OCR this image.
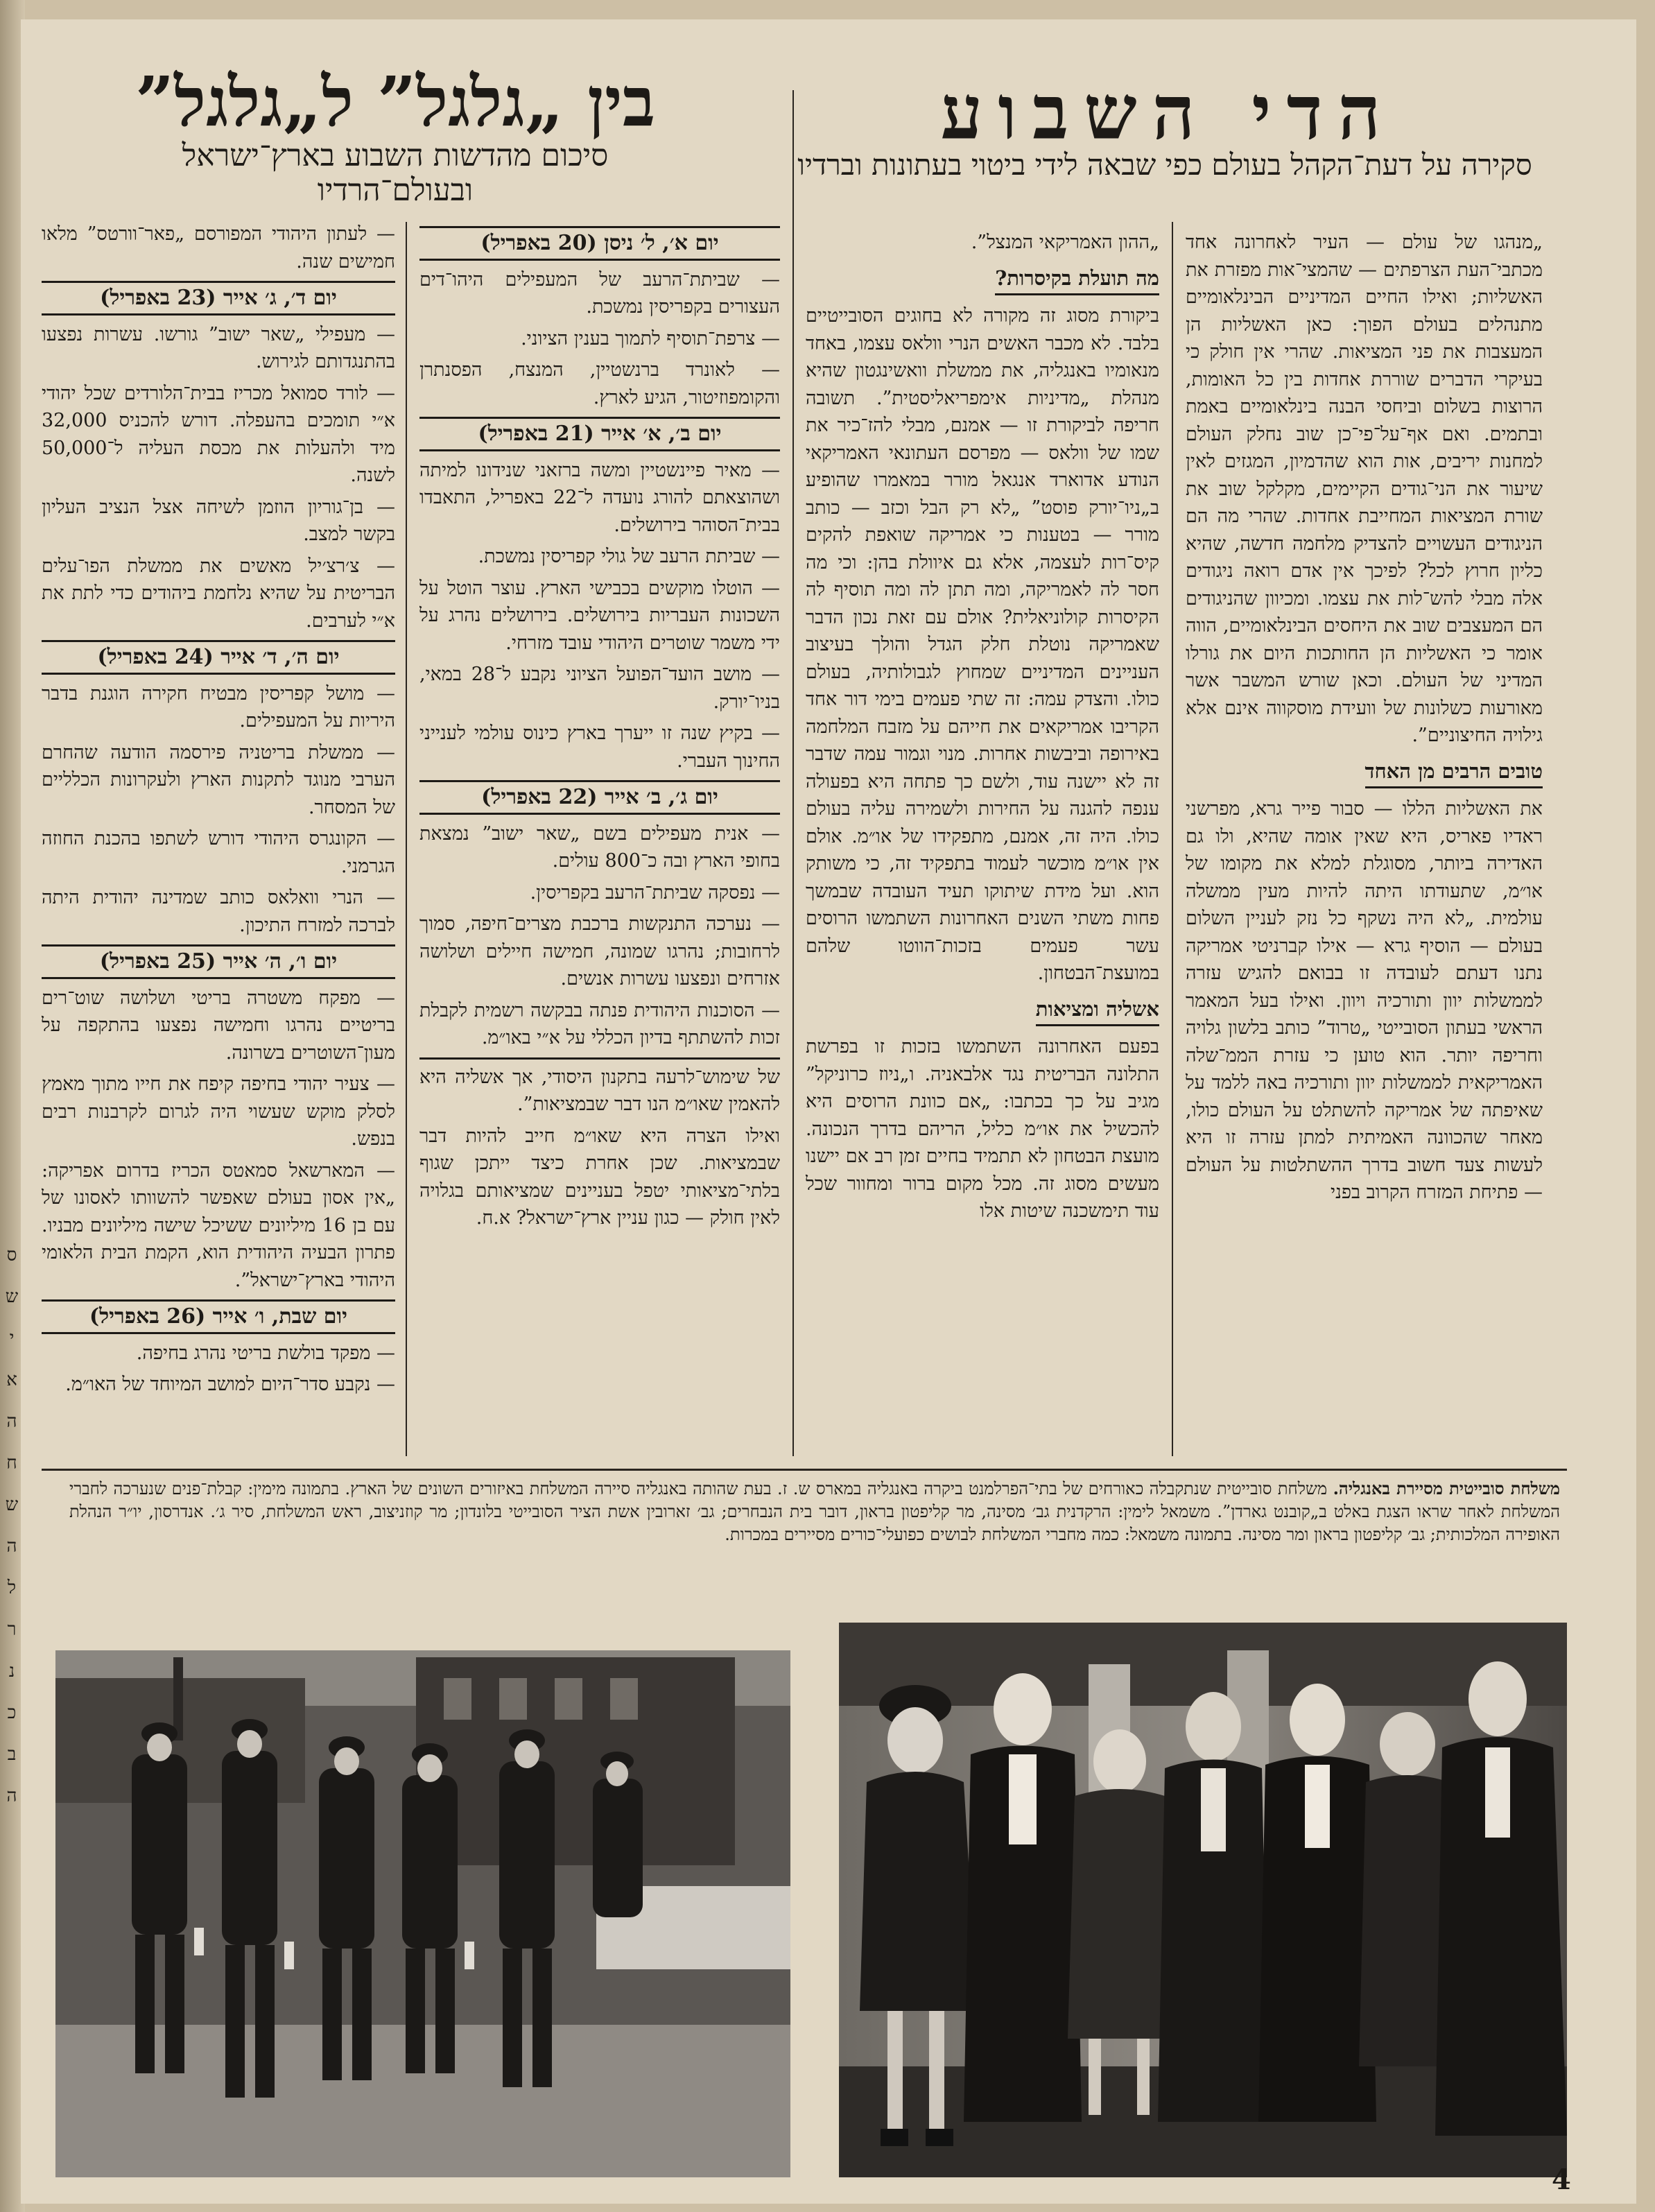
הדי השבוע
סקירה על דעת־הקהל בעולם כפי שבאה לידי ביטוי בעתונות וברדיו
בין „גלגל” ל„גלגל”
סיכום מהדשות השבוע בארץ־ישראל
ובעולם־הרדיו

„מנהגו של עולם — העיר לאחרונה אחד מכתבי־העת הצרפתים — שהמצי־אות מפזרת את האשליות; ואילו החיים המדיניים הבינלאומיים מתנהלים בעולם הפוך: כאן האשליות הן המעצבות את פני המציאות. שהרי אין חולק כי בעיקרי הדברים שוררת אחדות בין כל האומות, הרוצות בשלום וביחסי הבנה בינלאומיים באמת ובתמים. ואם אף־על־פי־כן שוב נחלק העולם למחנות יריבים, אות הוא שהדמיון, המגזים לאין שיעור את הני־גודים הקיימים, מקלקל שוב את שורת המציאות המחייבת אחדות. שהרי מה הם הניגודים העשויים להצדיק מלחמה חדשה, שהיא כליון חרוץ לכל? לפיכך אין אדם רואה ניגודים אלה מבלי להש־לות את עצמו. ומכיוון שהניגודים הם המעצבים שוב את היחסים הבינלאומיים, הווה אומר כי האשליות הן החותכות היום את גורלו המדיני של העולם. וכאן שורש המשבר אשר מאורעות כשלונות של וועידת מוסקווה אינם אלא גילויה החיצוניים”.

טובים הרבים מן האחד

את האשליות הללו — סבור פייר גרא, מפרשני ראדיו פאריס, היא שאין אומה שהיא, ולו גם האדירה ביותר, מסוגלת למלא את מקומו של או״מ, שתעודתו היתה להיות מעין ממשלה עולמית. „לא היה נשקף כל נזק לעניין השלום בעולם — הוסיף גרא — אילו קברניטי אמריקה נתנו דעתם לעובדה זו בבואם להגיש עזרה לממשלות יוון ותורכיה ויוון. ואילו בעל המאמר הראשי בעתון הסובייטי „טרוד” כותב בלשון גלויה וחריפה יותר. הוא טוען כי עזרת הממ־שלה האמריקאית לממשלות יוון ותורכיה באה ללמד על שאיפתה של אמריקה להשתלט על העולם כולו, מאחר שהכוונה האמיתית למתן עזרה זו היא לעשות צעד חשוב בדרך ההשתלטות על העולם — פתיחת המזרח הקרוב בפני

„ההון האמריקאי המנצל”.

מה תועלת בקיסרות?

ביקורת מסוג זה מקורה לא בחוגים הסובייטיים בלבד. לא מכבר האשים הנרי וולאס עצמו, באחד מנאומיו באנגליה, את ממשלת וואשינגטון שהיא מנהלת „מדיניות אימפריאליסטית”. תשובה חריפה לביקורת זו — אמנם, מבלי להז־כיר את שמו של וולאס — מפרסם העתונאי האמריקאי הנודע אדוארד אנגאל מורר במאמרו שהופיע ב„ניו־יורק פוסט” „לא רק הבל וכזב — כותב מורר — בטענות כי אמריקה שואפת להקים קיס־רות לעצמה, אלא גם איוולת בהן: וכי מה חסר לה לאמריקה, ומה תתן לה ומה תוסיף לה הקיסרות קולוניאלית? אולם עם זאת נכון הדבר שאמריקה נוטלת חלק הגדל והולך בעיצוב העניינים המדיניים שמחוץ לגבולותיה, בעולם כולו. והצדק עמה: זה שתי פעמים בימי דור אחד הקריבו אמריקאים את חייהם על מזבח המלחמה באירופה וביבשות אחרות. מנוי וגמור עמה שדבר זה לא יישנה עוד, ולשם כך פתחה היא בפעולה ענפה להגנה על החירות ולשמירה עליה בעולם כולו. היה זה, אמנם, מתפקידו של או״מ. אולם אין או״מ מוכשר לעמוד בתפקיד זה, כי משותק הוא. ועל מידת שיתוקו תעיד העובדה שבמשך פחות משתי השנים האחרונות השתמשו הרוסים עשר פעמים בזכות־הווטו שלהם במועצת־הבטחון.

אשליה ומציאות

בפעם האחרונה השתמשו בזכות זו בפרשת התלונה הבריטית נגד אלבאניה. ו„ניוז כרוניקל” מגיב על כך בכתבו: „אם כוונת הרוסים היא להכשיל את או״מ כליל, הריהם בדרך הנכונה. מועצת הבטחון לא תתמיד בחיים זמן רב אם יישנו מעשים מסוג זה. מכל מקום ברור ומחוור שכל עוד תימשכנה שיטות אלו

יום א׳, ל׳ ניסן (20 באפריל)
— שביתת־הרעב של המעפילים היהו־דים העצורים בקפריסין נמשכת.
— צרפת־תוסיף לתמוך בענין הציוני.
— לאונרד ברנשטיין, המנצח, הפסנתרן והקומפוזיטור, הגיע לארץ.
יום ב׳, א׳ אייר (21 באפריל)
— מאיר פיינשטיין ומשה ברזאני שנידונו למיתה ושהוצאתם להורג נועדה ל־22 באפריל, התאבדו בבית־הסוהר בירושלים.
— שביתת הרעב של גולי קפריסין נמשכת.
— הוטלו מוקשים בכבישי הארץ. עוצר הוטל על השכונות העבריות בירושלים. בירושלים נהרג על ידי משמר שוטרים היהודי עובד מזרחי.
— מושב הועד־הפועל הציוני נקבע ל־28 במאי, בניו־יורק.
— בקיץ שנה זו ייערך בארץ כינוס עולמי לענייני החינוך העברי.
יום ג׳, ב׳ אייר (22 באפריל)
— אנית מעפילים בשם „שאר ישוב” נמצאת בחופי הארץ ובה כ־800 עולים.
— נפסקה שביתת־הרעב בקפריסין.
— נערכה התנקשות ברכבת מצרים־חיפה, סמוך לרחובות; נהרגו שמונה, חמישה חיילים ושלושה אזרחים ונפצעו עשרות אנשים.
— הסוכנות היהודית פנתה בבקשה רשמית לקבלת זכות להשתתף בדיון הכללי על א״י באו״מ.
של שימוש־לרעה בתקנון היסודי, אך אשליה היא להאמין שאו״מ הנו דבר שבמציאות”.
ואילו הצרה היא שאו״מ חייב להיות דבר שבמציאות. שכן אחרת כיצד ייתכן שגוף בלתי־מציאותי יטפל בעניינים שמציאותם בגלויה לאין חולק — כגון עניין ארץ־ישראל? א.ח.
— לעתון היהודי המפורסם „פאר־וורטס” מלאו חמישים שנה.
יום ד׳, ג׳ אייר (23 באפריל)
— מעפילי „שאר ישוב” גורשו. עשרות נפצעו בהתנגדותם לגירוש.
— לורד סמואל מכריז בבית־הלורדים שכל יהודי א״י תומכים בהעפלה. דורש להכניס 32,000 מיד ולהעלות את מכסת העליה ל־50,000 לשנה.
— בן־גוריון הוזמן לשיחה אצל הנציב העליון בקשר למצב.
— צ׳רצ׳יל מאשים את ממשלת הפו־עלים הבריטית על שהיא נלחמת ביהודים כדי לתת את א״י לערבים.
יום ה׳, ד׳ אייר (24 באפריל)
— מושל קפריסין מבטיח חקירה הוגנת בדבר היריות על המעפילים.
— ממשלת בריטניה פירסמה הודעה שהחרם הערבי מנוגד לתקנות הארץ ולעקרונות הכלליים של המסחר.
— הקונגרס היהודי דורש לשתפו בהכנת החוזה הגרמני.
— הנרי וואלאס כותב שמדינה יהודית היתה לברכה למזרח התיכון.
יום ו׳, ה׳ אייר (25 באפריל)
— מפקח משטרה בריטי ושלושה שוט־רים בריטיים נהרגו וחמישה נפצעו בהתקפה על מעון־השוטרים בשרונה.
— צעיר יהודי בחיפה קיפח את חייו מתוך מאמץ לסלק מוקש שעשוי היה לגרום לקרבנות רבים בנפש.
— המארשאל סמאטס הכריז בדרום אפריקה: „אין אסון בעולם שאפשר להשוותו לאסונו של עם בן 16 מיליונים ששיכל שישה מיליונים מבניו. פתרון הבעיה היהודית הוא, הקמת הבית הלאומי היהודי בארץ־ישראל”.
יום שבת, ו׳ אייר (26 באפריל)
— מפקד בולשת בריטי נהרג בחיפה.
— נקבע סדר־היום למושב המיוחד של האו״מ.
משלחת סובייטית מסיירת באנגליה. משלחת סובייטית שנתקבלה כאורחים של בתי־הפרלמנט ביקרה באנגליה במארס ש. ז. בעת שהותה באנגליה סיירה המשלחת באיזורים השונים של הארץ. בתמונה מימין: קבלת־פנים שנערכה לחברי המשלחת לאחר שראו הצגת באלט ב„קובנט גארדן”. משמאל לימין: הרקדנית גב׳ מסינה, מר קליפטון בראון, דובר בית הנבחרים; גב׳ זארובין אשת הציר הסובייטי בלונדון; מר קוזניצוב, ראש המשלחת, סיר ג׳. אנדרסון, יו״ר הנהלת האופירה המלכותית; גב׳ קליפטון בראון ומר מסינה. בתמונה משמאל: כמה מחברי המשלחת לבושים כפועלי־כורים מסיירים במכרות.
4
ס
ש
י
א
ה
ח
ש
ה
ל
ר
נ
כ
ב
ה
